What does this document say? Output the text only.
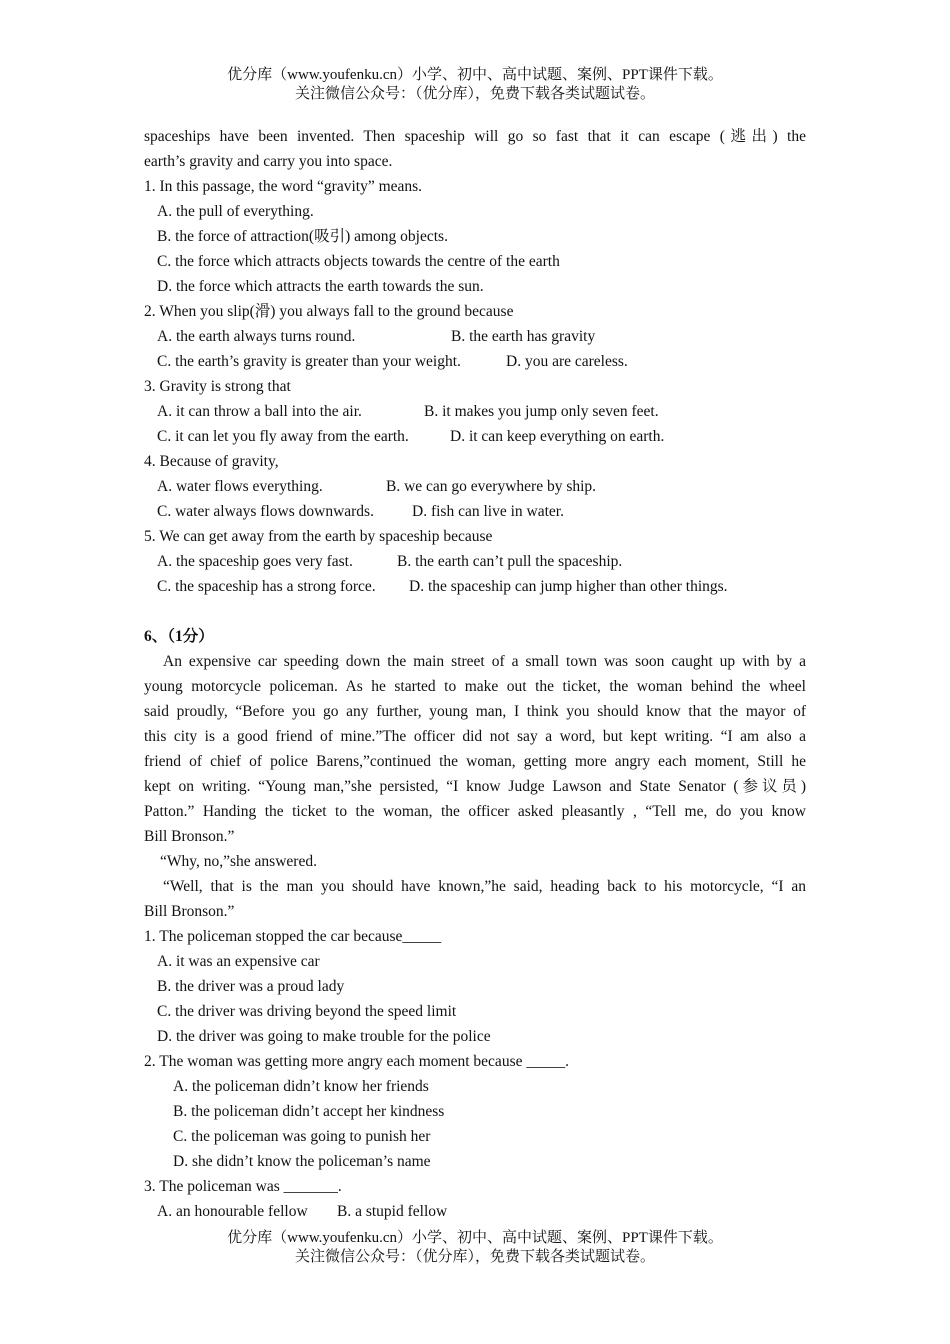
优分库（www.youfenku.cn）小学、初中、高中试题、案例、PPT课件下载。
关注微信公众号：（优分库），免费下载各类试题试卷。
spaceships have been invented. Then spaceship will go so fast that it can escape (逃出) the
earth’s gravity and carry you into space.
1. In this passage, the word “gravity” means.
A. the pull of everything.
B. the force of attraction(吸引) among objects.
C. the force which attracts objects towards the centre of the earth
D. the force which attracts the earth towards the sun.
2. When you slip(滑) you always fall to the ground because
A. the earth always turns round.	B. the earth has gravity
C. the earth’s gravity is greater than your weight.	D. you are careless.
3. Gravity is strong that
A. it can throw a ball into the air.	B. it makes you jump only seven feet.
C. it can let you fly away from the earth.	D. it can keep everything on earth.
4. Because of gravity,
A. water flows everything.	B. we can go everywhere by ship.
C. water always flows downwards. D. fish can live in water.
5. We can get away from the earth by spaceship because
A. the spaceship goes very fast.	B. the earth can’t pull the spaceship.
C. the spaceship has a strong force. D. the spaceship can jump higher than other things.
6、（1分）
An expensive car speeding down the main street of a small town was soon caught up with by a
young motorcycle policeman. As he started to make out the ticket, the woman behind the wheel
said proudly, “Before you go any further, young man, I think you should know that the mayor of
this city is a good friend of mine.”The officer did not say a word, but kept writing. “I am also a
friend of chief of police Barens,”continued the woman, getting more angry each moment, Still he
kept on writing. “Young man,”she persisted, “I know Judge Lawson and State Senator (参议员)
Patton.” Handing the ticket to the woman, the officer asked pleasantly , “Tell me, do you know
Bill Bronson.”
“Why, no,”she answered.
“Well, that is the man you should have known,”he said, heading back to his motorcycle, “I an
Bill Bronson.”
1. The policeman stopped the car because_____
A. it was an expensive car
B. the driver was a proud lady
C. the driver was driving beyond the speed limit
D. the driver was going to make trouble for the police
2. The woman was getting more angry each moment because _____.
A. the policeman didn’t know her friends
B. the policeman didn’t accept her kindness
C. the policeman was going to punish her
D. she didn’t know the policeman’s name
3. The policeman was _______.
A. an honourable fellow B. a stupid fellow
优分库（www.youfenku.cn）小学、初中、高中试题、案例、PPT课件下载。
关注微信公众号：（优分库），免费下载各类试题试卷。
